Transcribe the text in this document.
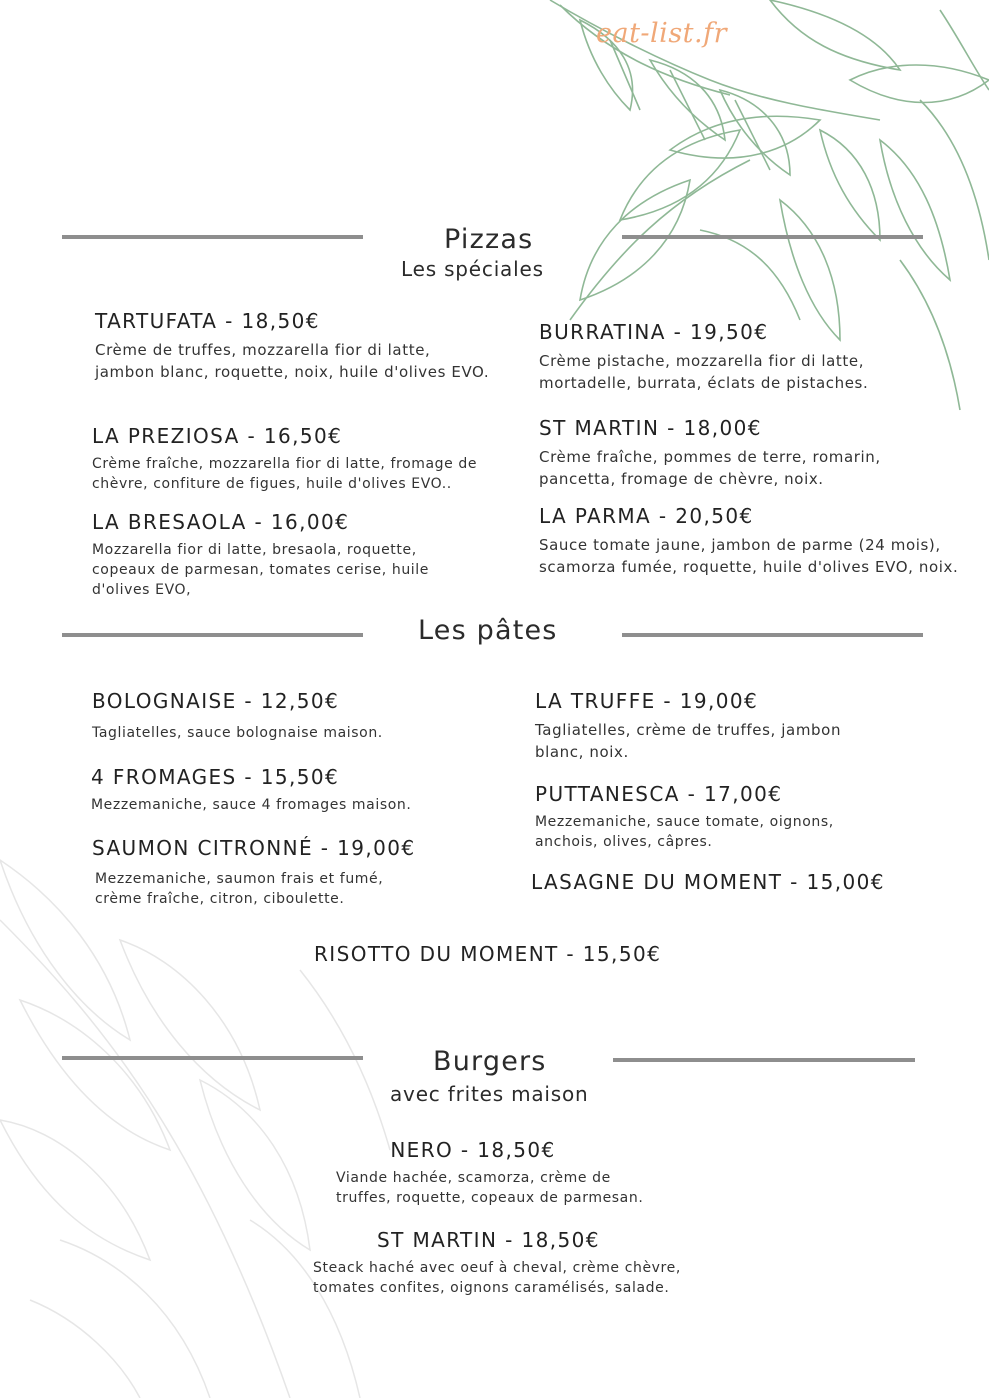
eat-list.fr
Pizzas
Les spéciales
TARTUFATA - 18,50€
Crème de truffes, mozzarella fior di latte, jambon blanc, roquette, noix, huile d'olives EVO.
LA PREZIOSA - 16,50€
Crème fraîche, mozzarella fior di latte, fromage de chèvre, confiture de figues, huile d'olives EVO..
LA BRESAOLA - 16,00€
Mozzarella fior di latte, bresaola, roquette, copeaux de parmesan, tomates cerise, huile d'olives EVO,
BURRATINA - 19,50€
Crème pistache, mozzarella fior di latte, mortadelle, burrata, éclats de pistaches.
ST MARTIN - 18,00€
Crème fraîche, pommes de terre, romarin, pancetta, fromage de chèvre, noix.
LA PARMA - 20,50€
Sauce tomate jaune, jambon de parme (24 mois), scamorza fumée, roquette, huile d'olives EVO, noix.
Les pâtes
BOLOGNAISE - 12,50€
Tagliatelles, sauce bolognaise maison.
4 FROMAGES - 15,50€
Mezzemaniche, sauce 4 fromages maison.
SAUMON CITRONNÉ - 19,00€
Mezzemaniche, saumon frais et fumé, crème fraîche, citron, ciboulette.
LA TRUFFE - 19,00€
Tagliatelles, crème de truffes, jambon blanc, noix.
PUTTANESCA - 17,00€
Mezzemaniche, sauce tomate, oignons, anchois, olives, câpres.
LASAGNE DU MOMENT - 15,00€
RISOTTO DU MOMENT - 15,50€
Burgers
avec frites maison
NERO - 18,50€
Viande hachée, scamorza, crème de truffes, roquette, copeaux de parmesan.
ST MARTIN - 18,50€
Steack haché avec oeuf à cheval, crème chèvre, tomates confites, oignons caramélisés, salade.
